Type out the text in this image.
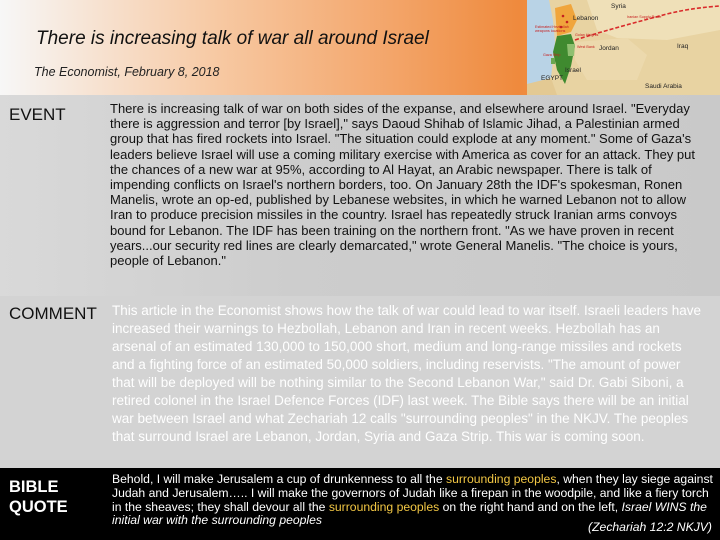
There is increasing talk of war all around Israel
The Economist, February 8, 2018
Syria
Lebanon
Iraq
Jordan
EGYPT
Israel
Saudi Arabia
Estimated Hezbollah
weapons locations
Golan Heights
Gaza Strip
West Bank
Iranian Supply Route
EVENT	There is increasing talk of war on both sides of the expanse, and elsewhere around Israel. "Everyday there is aggression and terror [by Israel]," says Daoud Shihab of Islamic Jihad, a Palestinian armed group that has fired rockets into Israel. "The situation could explode at any moment." Some of Gaza's leaders believe Israel will use a coming military exercise with America as cover for an attack. They put the chances of a new war at 95%, according to Al Hayat, an Arabic newspaper. There is talk of impending conflicts on Israel's northern borders, too. On January 28th the IDF's spokesman, Ronen Manelis, wrote an op-ed, published by Lebanese websites, in which he warned Lebanon not to allow Iran to produce precision missiles in the country. Israel has repeatedly struck Iranian arms convoys bound for Lebanon. The IDF has been training on the northern front. "As we have proven in recent years...our security red lines are clearly demarcated," wrote General Manelis. "The choice is yours, people of Lebanon."
COMMENT This article in the Economist shows how the talk of war could lead to war itself. Israeli leaders have increased their warnings to Hezbollah, Lebanon and Iran in recent weeks. Hezbollah has an arsenal of an estimated 130,000 to 150,000 short, medium and long-range missiles and rockets and a fighting force of an estimated 50,000 soldiers, including reservists. "The amount of power that will be deployed will be nothing similar to the Second Lebanon War," said Dr. Gabi Siboni, a retired colonel in the Israel Defence Forces (IDF) last week. The Bible says there will be an initial war between Israel and what Zechariah 12 calls "surrounding peoples" in the NKJV. The peoples that surround Israel are Lebanon, Jordan, Syria and Gaza Strip. This war is coming soon.
BIBLE QUOTE
Behold, I will make Jerusalem a cup of drunkenness to all the surrounding peoples, when they lay siege against Judah and Jerusalem….. I will make the governors of Judah like a firepan in the woodpile, and like a fiery torch in the sheaves; they shall devour all the surrounding peoples on the right hand and on the left, Israel WINS the initial war with the surrounding peoples	(Zechariah 12:2 NKJV)
